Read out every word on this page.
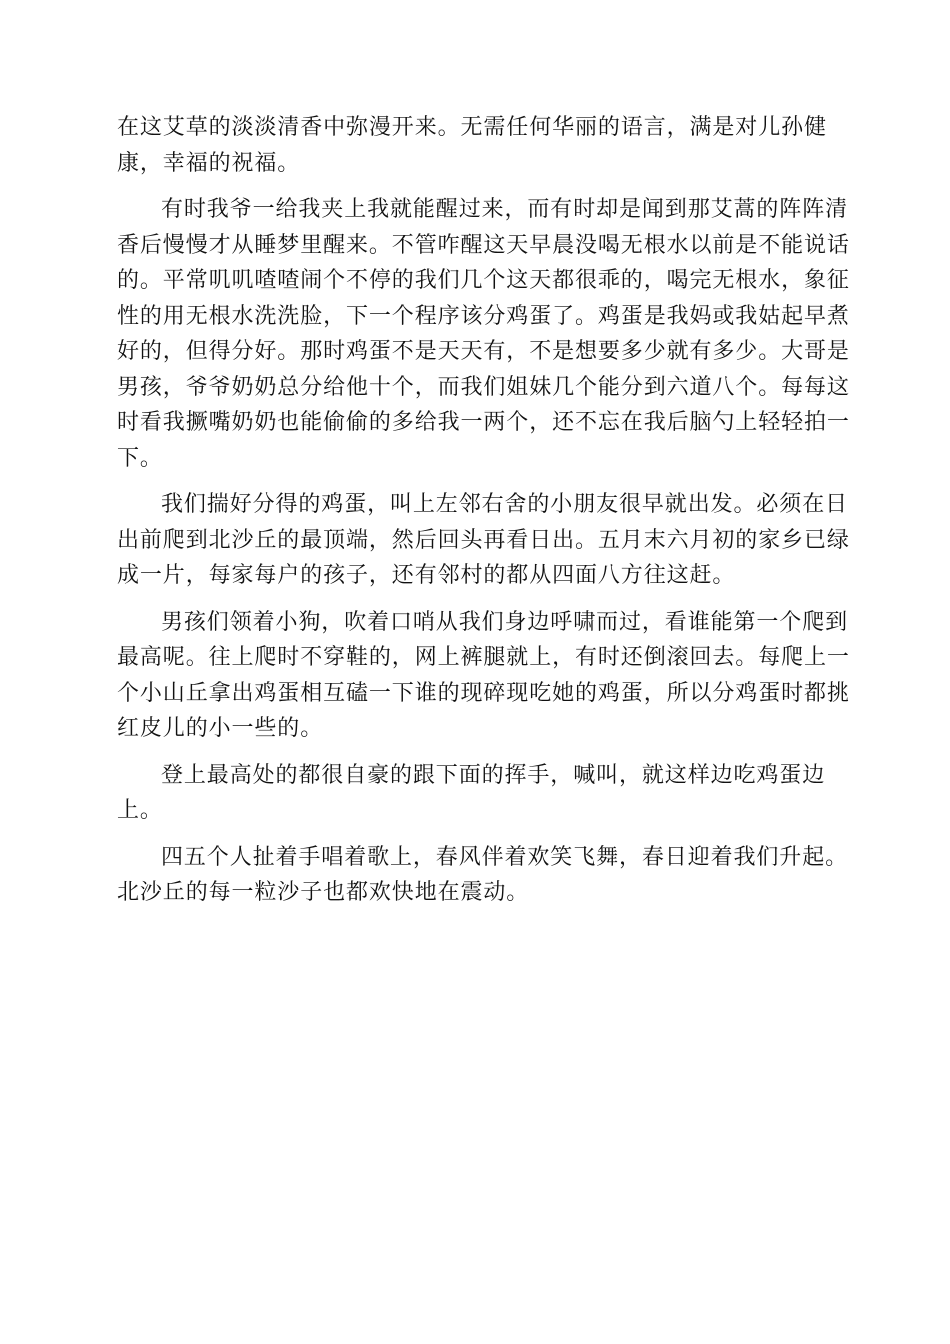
在这艾草的淡淡清香中弥漫开来。无需任何华丽的语言，满是对儿孙健
康，幸福的祝福。

有时我爷一给我夹上我就能醒过来，而有时却是闻到那艾蒿的阵阵清
香后慢慢才从睡梦里醒来。不管咋醒这天早晨没喝无根水以前是不能说话
的。平常叽叽喳喳闹个不停的我们几个这天都很乖的，喝完无根水，象征
性的用无根水洗洗脸，下一个程序该分鸡蛋了。鸡蛋是我妈或我姑起早煮
好的，但得分好。那时鸡蛋不是天天有，不是想要多少就有多少。大哥是
男孩，爷爷奶奶总分给他十个，而我们姐妹几个能分到六道八个。每每这
时看我撅嘴奶奶也能偷偷的多给我一两个，还不忘在我后脑勺上轻轻拍一
下。

我们揣好分得的鸡蛋，叫上左邻右舍的小朋友很早就出发。必须在日
出前爬到北沙丘的最顶端，然后回头再看日出。五月末六月初的家乡已绿
成一片，每家每户的孩子，还有邻村的都从四面八方往这赶。

男孩们领着小狗，吹着口哨从我们身边呼啸而过，看谁能第一个爬到
最高呢。往上爬时不穿鞋的，网上裤腿就上，有时还倒滚回去。每爬上一
个小山丘拿出鸡蛋相互磕一下谁的现碎现吃她的鸡蛋，所以分鸡蛋时都挑
红皮儿的小一些的。

登上最高处的都很自豪的跟下面的挥手，喊叫，就这样边吃鸡蛋边
上。

四五个人扯着手唱着歌上，春风伴着欢笑飞舞，春日迎着我们升起。
北沙丘的每一粒沙子也都欢快地在震动。
